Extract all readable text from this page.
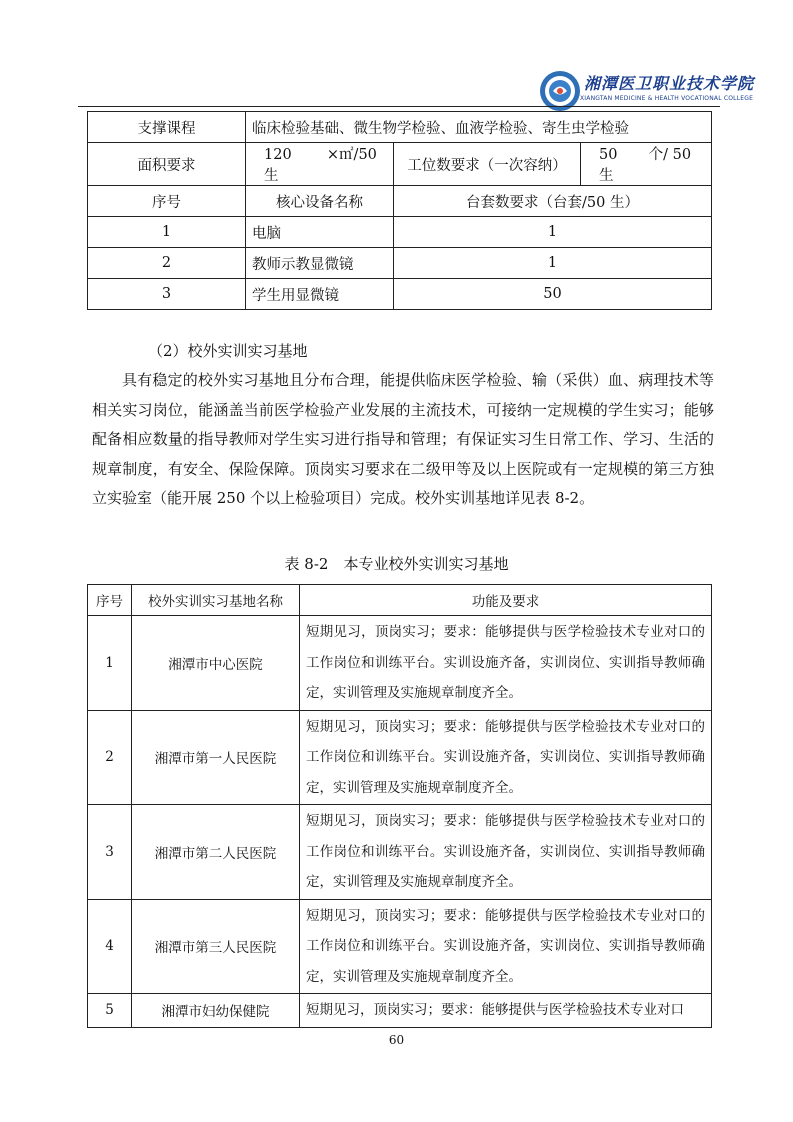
湘潭医卫职业技术学院
XIANGTAN MEDICINE & HEALTH VOCATIONAL COLLEGE
支撑课程	临床检验基础、微生物学检验、血液学检验、寄生虫学检验		
面积要求	120 ×㎡/50 生	工位数要求（一次容纳）	50 个/ 50 生
序号	核心设备名称	台套数要求（台套/50 生）	
1	电脑	1	
2	教师示教显微镜	1	
3	学生用显微镜	50	
（2）校外实训实习基地
具有稳定的校外实习基地且分布合理，能提供临床医学检验、输（采供）血、病理技术等相关实习岗位，能涵盖当前医学检验产业发展的主流技术，可接纳一定规模的学生实习；能够配备相应数量的指导教师对学生实习进行指导和管理；有保证实习生日常工作、学习、生活的规章制度，有安全、保险保障。顶岗实习要求在二级甲等及以上医院或有一定规模的第三方独立实验室（能开展 250 个以上检验项目）完成。校外实训基地详见表 8-2。
表 8-2　本专业校外实训实习基地
序号	校外实训实习基地名称	功能及要求
1	湘潭市中心医院	短期见习，顶岗实习；要求：能够提供与医学检验技术专业对口的工作岗位和训练平台。实训设施齐备，实训岗位、实训指导教师确定，实训管理及实施规章制度齐全。
2	湘潭市第一人民医院	短期见习，顶岗实习；要求：能够提供与医学检验技术专业对口的工作岗位和训练平台。实训设施齐备，实训岗位、实训指导教师确定，实训管理及实施规章制度齐全。
3	湘潭市第二人民医院	短期见习，顶岗实习；要求：能够提供与医学检验技术专业对口的工作岗位和训练平台。实训设施齐备，实训岗位、实训指导教师确定，实训管理及实施规章制度齐全。
4	湘潭市第三人民医院	短期见习，顶岗实习；要求：能够提供与医学检验技术专业对口的工作岗位和训练平台。实训设施齐备，实训岗位、实训指导教师确定，实训管理及实施规章制度齐全。
5	湘潭市妇幼保健院	短期见习，顶岗实习；要求：能够提供与医学检验技术专业对口
60
